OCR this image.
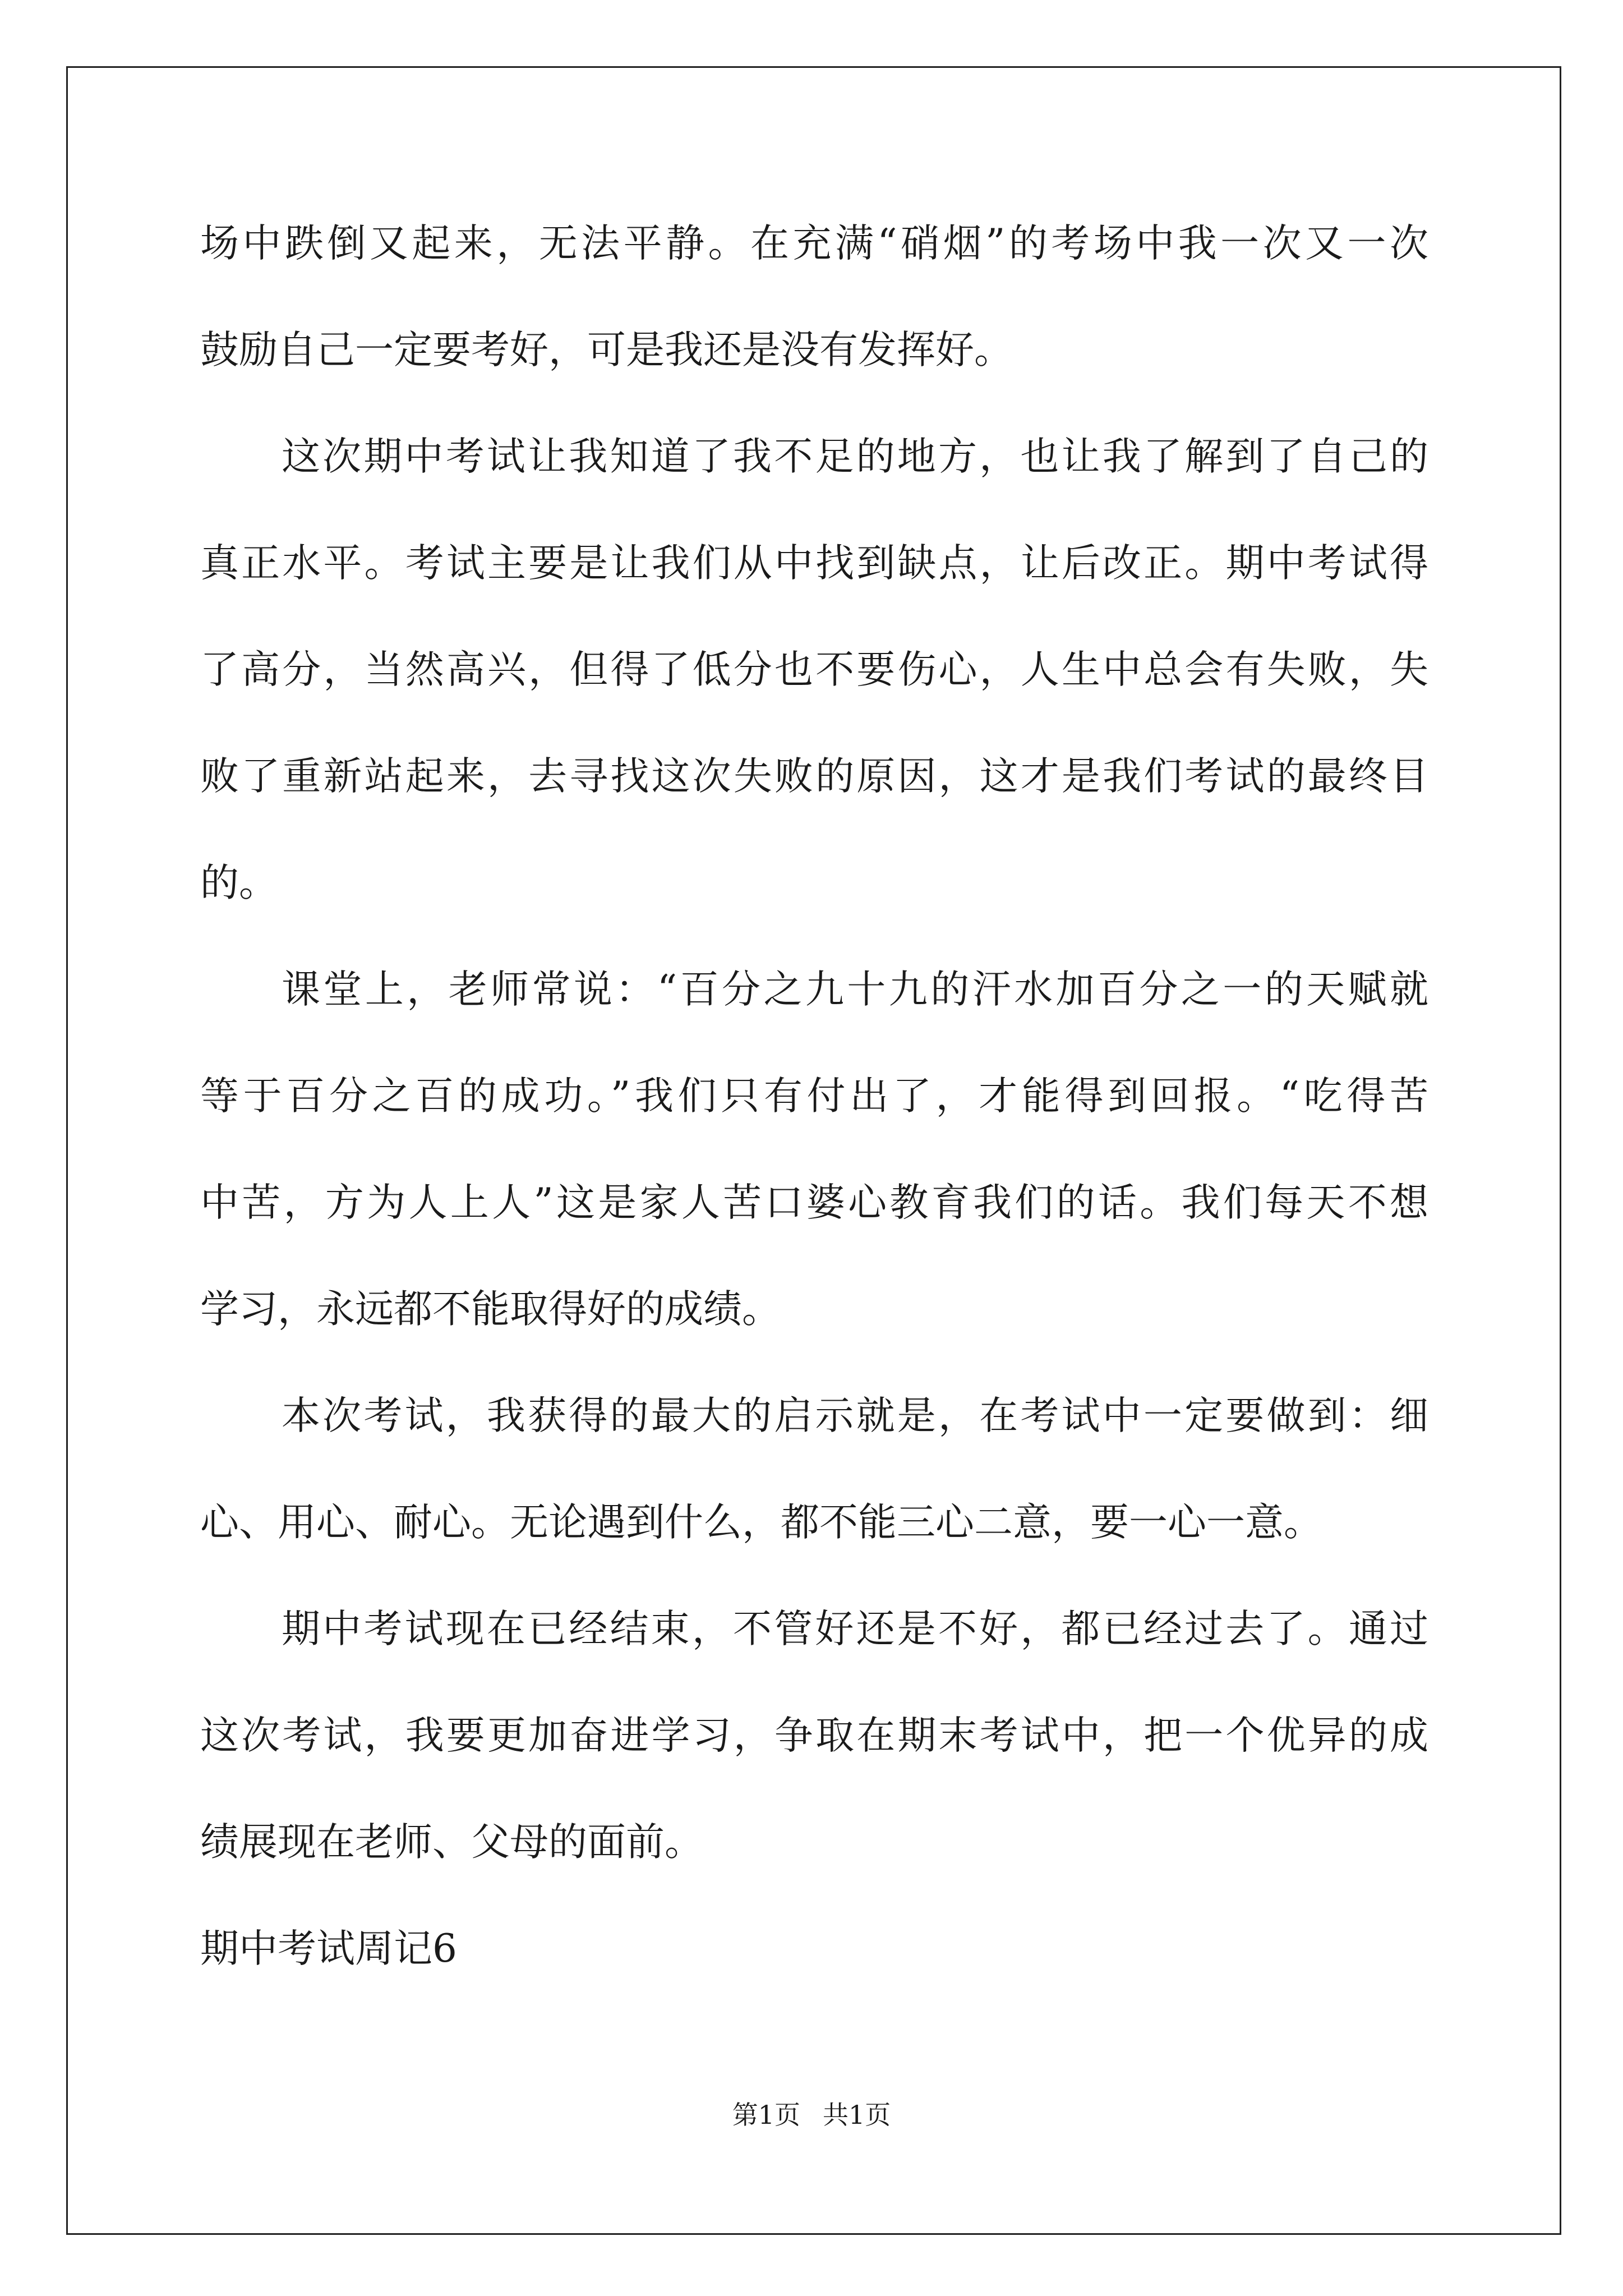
场中跌倒又起来，无法平静。在充满“硝烟”的考场中我一次又一次
鼓励自己一定要考好，可是我还是没有发挥好。
这次期中考试让我知道了我不足的地方，也让我了解到了自己的
真正水平。考试主要是让我们从中找到缺点，让后改正。期中考试得
了高分，当然高兴，但得了低分也不要伤心，人生中总会有失败，失
败了重新站起来，去寻找这次失败的原因，这才是我们考试的最终目
的。
课堂上，老师常说：“百分之九十九的汗水加百分之一的天赋就
等于百分之百的成功。”我们只有付出了，才能得到回报。“吃得苦
中苦，方为人上人”这是家人苦口婆心教育我们的话。我们每天不想
学习，永远都不能取得好的成绩。
本次考试，我获得的最大的启示就是，在考试中一定要做到：细
心、用心、耐心。无论遇到什么，都不能三心二意，要一心一意。
期中考试现在已经结束，不管好还是不好，都已经过去了。通过
这次考试，我要更加奋进学习，争取在期末考试中，把一个优异的成
绩展现在老师、父母的面前。
期中考试周记6
第1页 共1页
